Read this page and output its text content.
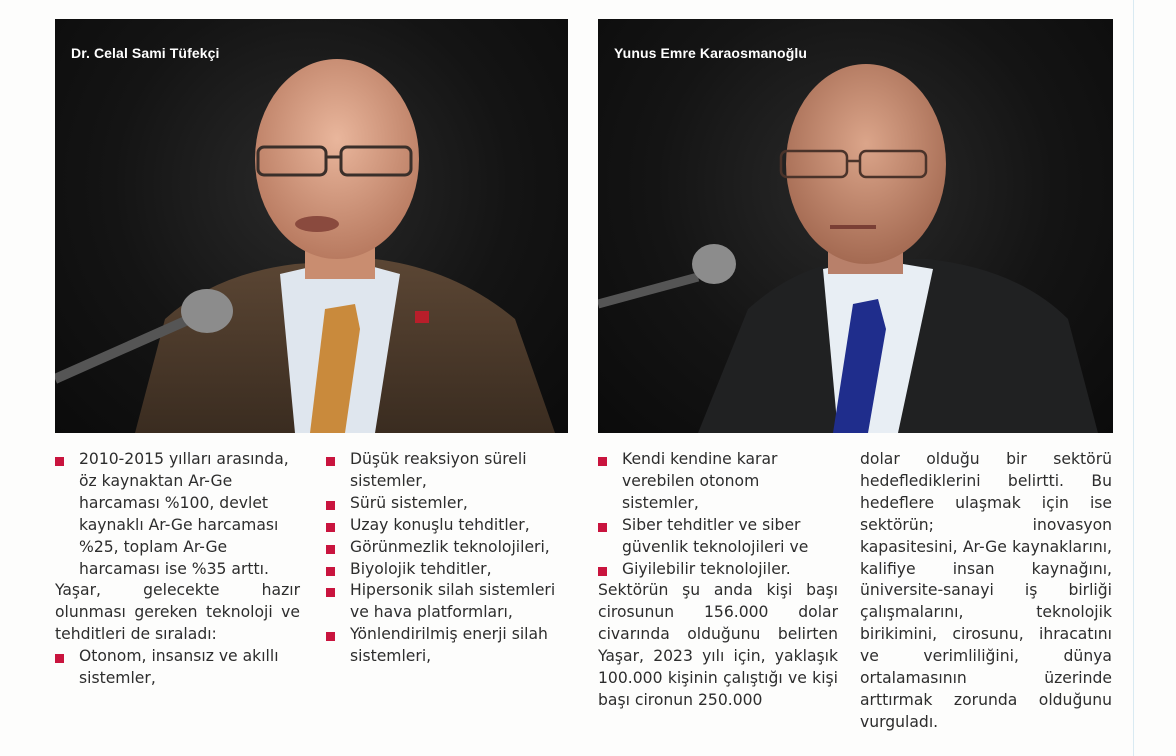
Dr. Celal Sami Tüfekçi	Yunus Emre Karaosmanoğlu

2010-2015 yılları arasında, öz kaynaktan Ar-Ge harcaması %100, devlet kaynaklı Ar-Ge harcaması %25, toplam Ar-Ge harcaması ise %35 arttı.

Yaşar, gelecekte hazır olunması gereken teknoloji ve tehditleri de sıraladı:

Otonom, insansız ve akıllı sistemler,

Düşük reaksiyon süreli sistemler,

Sürü sistemler,

Uzay konuşlu tehditler,

Görünmezlik teknolojileri,

Biyolojik tehditler,

Hipersonik silah sistemleri ve hava platformları,

Yönlendirilmiş enerji silah sistemleri,

Kendi kendine karar verebilen otonom sistemler,

Siber tehditler ve siber güvenlik teknolojileri ve

Giyilebilir teknolojiler.

Sektörün şu anda kişi başı cirosunun 156.000 dolar civarında olduğunu belirten Yaşar, 2023 yılı için, yaklaşık 100.000 kişinin çalıştığı ve kişi başı cironun 250.000

dolar olduğu bir sektörü hedeflediklerini belirtti. Bu hedeflere ulaşmak için ise sektörün; inovasyon kapasitesini, Ar-Ge kaynaklarını, kalifiye insan kaynağını, üniversite-sanayi iş birliği çalışmalarını, teknolojik birikimini, cirosunu, ihracatını ve verimliliğini, dünya ortalamasının üzerinde arttırmak zorunda olduğunu vurguladı.
